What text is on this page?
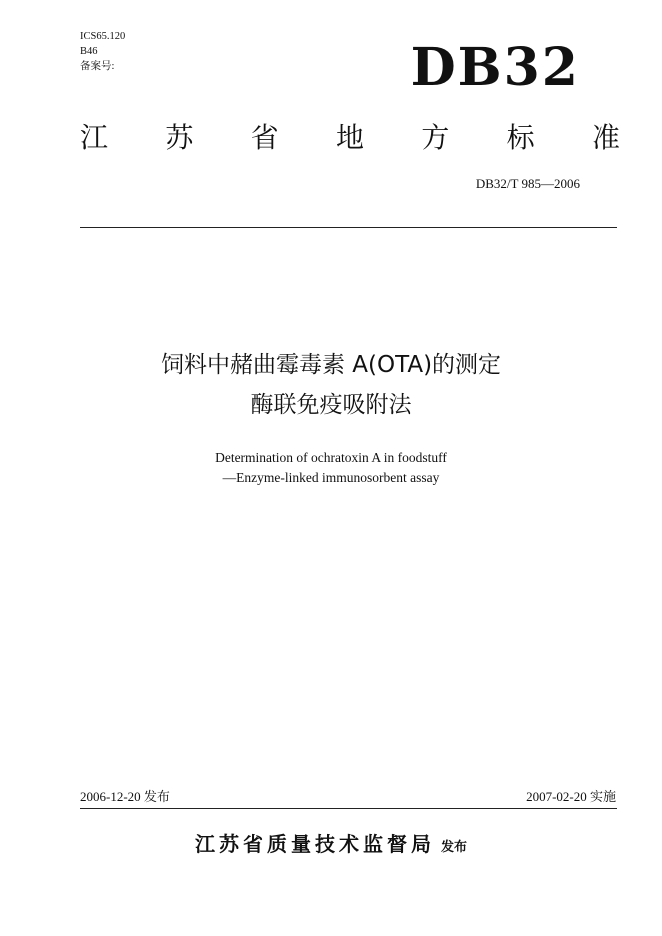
ICS65.120
B46
备案号:	DB32
江 苏 省 地 方 标 准
DB32/T 985—2006
饲料中赭曲霉毒素 A(OTA)的测定
酶联免疫吸附法
Determination of ochratoxin A in foodstuff
—Enzyme-linked immunosorbent assay
2006-12-20 发布	2007-02-20 实施
江苏省质量技术监督局 发布
